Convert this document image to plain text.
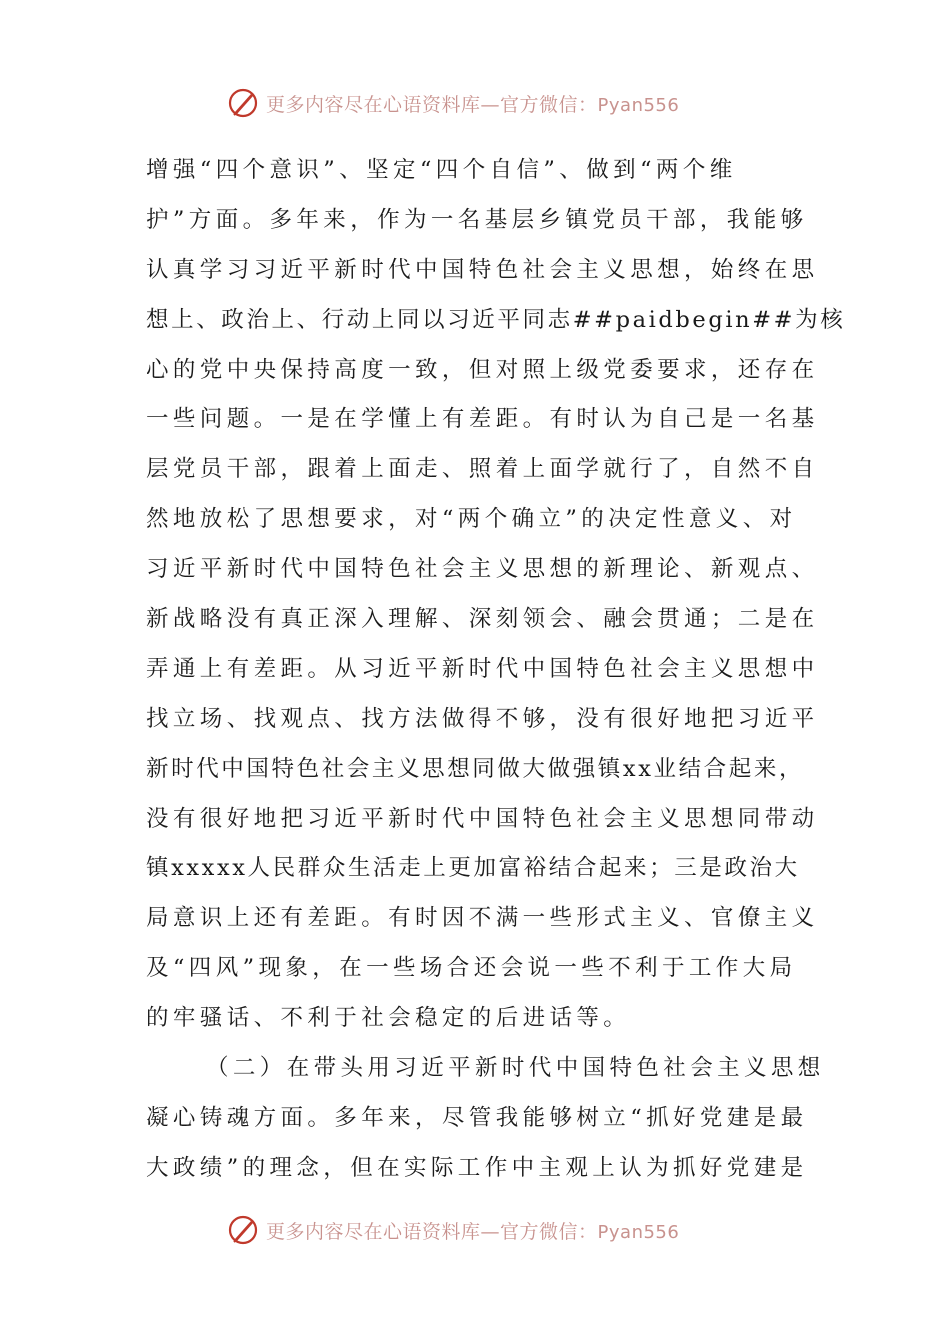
更多内容尽在心语资料库—官方微信：Pyan556
增强“四个意识”、坚定“四个自信”、做到“两个维
护”方面。多年来，作为一名基层乡镇党员干部，我能够
认真学习习近平新时代中国特色社会主义思想，始终在思
想上、政治上、行动上同以习近平同志##paidbegin##为核
心的党中央保持高度一致，但对照上级党委要求，还存在
一些问题。一是在学懂上有差距。有时认为自己是一名基
层党员干部，跟着上面走、照着上面学就行了，自然不自
然地放松了思想要求，对“两个确立”的决定性意义、对
习近平新时代中国特色社会主义思想的新理论、新观点、
新战略没有真正深入理解、深刻领会、融会贯通；二是在
弄通上有差距。从习近平新时代中国特色社会主义思想中
找立场、找观点、找方法做得不够，没有很好地把习近平
新时代中国特色社会主义思想同做大做强镇xx业结合起来，
没有很好地把习近平新时代中国特色社会主义思想同带动
镇xxxxx人民群众生活走上更加富裕结合起来；三是政治大
局意识上还有差距。有时因不满一些形式主义、官僚主义
及“四风”现象，在一些场合还会说一些不利于工作大局
的牢骚话、不利于社会稳定的后进话等。
（二）在带头用习近平新时代中国特色社会主义思想
凝心铸魂方面。多年来，尽管我能够树立“抓好党建是最
大政绩”的理念，但在实际工作中主观上认为抓好党建是
更多内容尽在心语资料库—官方微信：Pyan556
